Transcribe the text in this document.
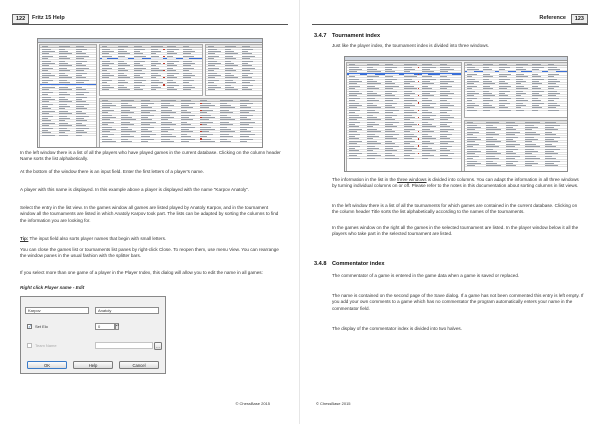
122	Fritz 15 Help
In the left window there is a list of all the players who have played games in the current database. Clicking on the column header Name sorts the list alphabetically.
At the bottom of the window there is an input field. Enter the first letters of a player's name.
A player with this name is displayed. In this example above a player is displayed with the name "Karpov Anatoly".
Select the entry in the list view. In the games window all games are listed played by Anatoly Karpov, and in the tournament window all the tournaments are listed in which Anatoly Karpov took part. The lists can be adapted by sorting the columns to find the information you are looking for.
Tip: The input field also sorts player names that begin with small letters.
You can close the games list or tournaments list panes by right-click Close. To reopen them, use menu View. You can rearrange the window panes in the usual fashion with the splitter bars.
If you select more than one game of a player in the Player Index, this dialog will allow you to edit the name in all games:
Right click Player name - Edit
Karpov	Anatoly
✓ Set Elo	0	▴▾
Team Name	…
OK	Help	Cancel
© ChessBase 2015
Reference	123
3.4.7 Tournament index
Just like the player index, the tournament index is divided into three windows.
The information in the list in the three windows is divided into columns. You can adapt the information in all three windows by turning individual columns on or off. Please refer to the notes in this documentation about sorting columns in list views.
In the left window there is a list of all the tournaments for which games are contained in the current database. Clicking on the column header Title sorts the list alphabetically according to the names of the tournaments.
In the games window on the right all the games in the selected tournament are listed. In the player window below it all the players who take part in the selected tournament are listed.
3.4.8 Commentator index
The commentator of a game is entered in the game data when a game is saved or replaced.
The name is contained on the second page of the Save dialog. If a game has not been commented this entry is left empty. If you add your own comments to a game which has no commentator the program automatically enters your name in the commentator field.
The display of the commentator index is divided into two halves.
© ChessBase 2015
